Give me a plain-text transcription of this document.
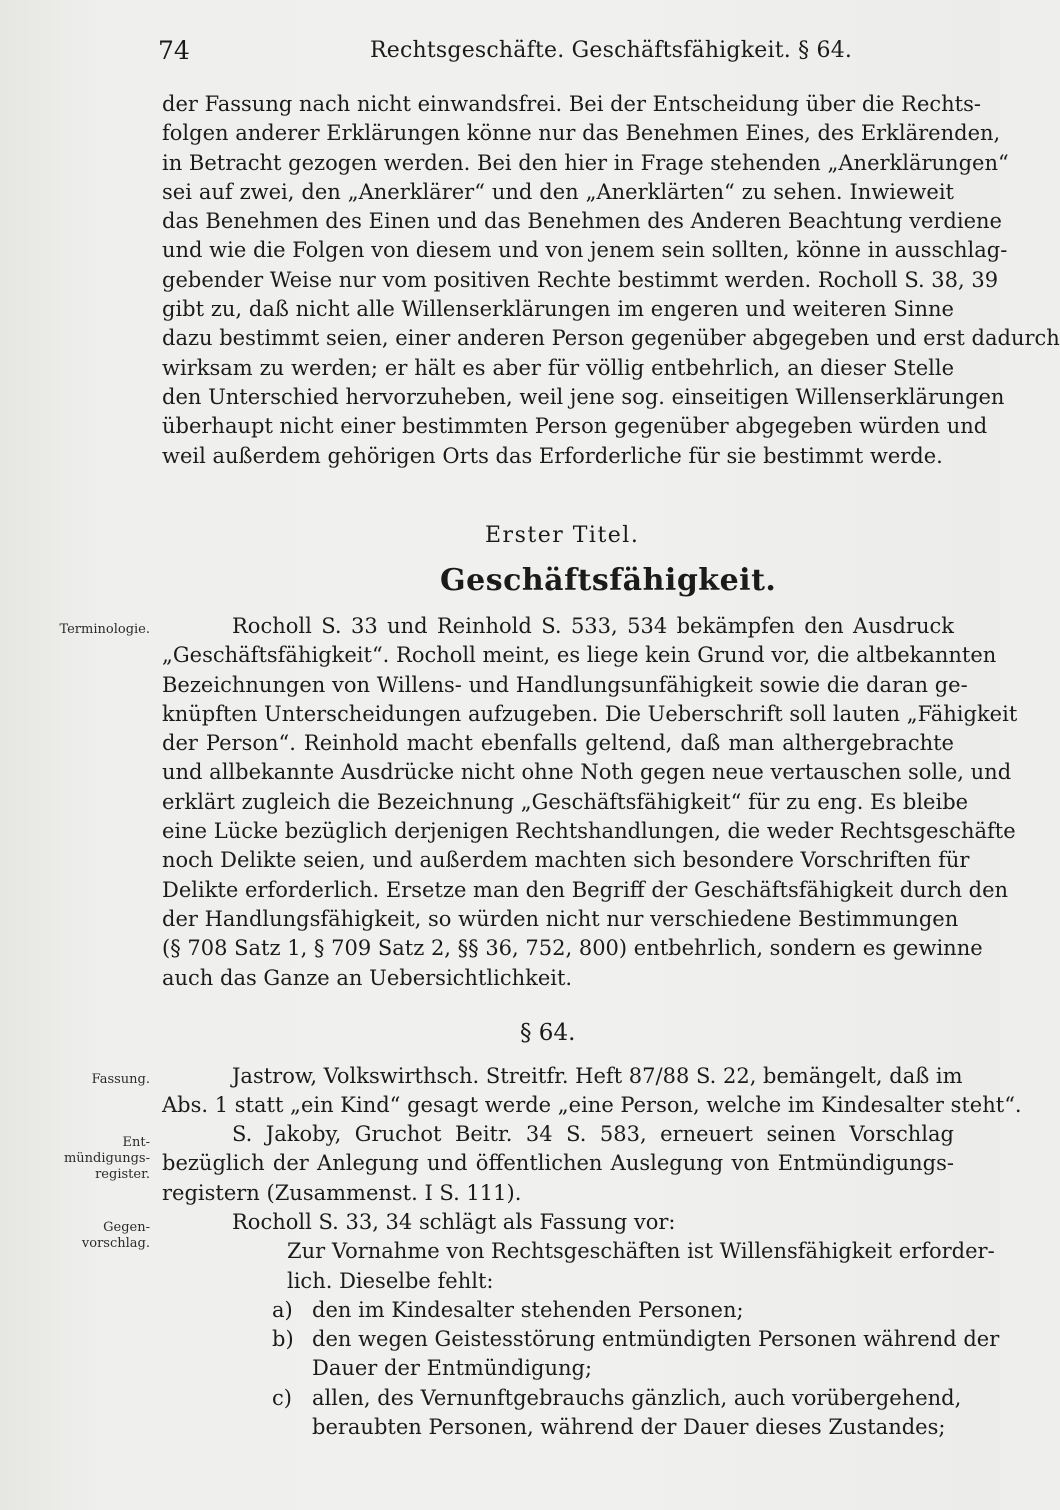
74	Rechtsgeschäfte. Geschäftsfähigkeit. § 64.
der Fassung nach nicht einwandsfrei. Bei der Entscheidung über die Rechts-
folgen anderer Erklärungen könne nur das Benehmen Eines, des Erklärenden,
in Betracht gezogen werden. Bei den hier in Frage stehenden „Anerklärungen“
sei auf zwei, den „Anerklärer“ und den „Anerklärten“ zu sehen. Inwieweit
das Benehmen des Einen und das Benehmen des Anderen Beachtung verdiene
und wie die Folgen von diesem und von jenem sein sollten, könne in ausschlag-
gebender Weise nur vom positiven Rechte bestimmt werden. Rocholl S. 38, 39
gibt zu, daß nicht alle Willenserklärungen im engeren und weiteren Sinne
dazu bestimmt seien, einer anderen Person gegenüber abgegeben und erst dadurch
wirksam zu werden; er hält es aber für völlig entbehrlich, an dieser Stelle
den Unterschied hervorzuheben, weil jene sog. einseitigen Willenserklärungen
überhaupt nicht einer bestimmten Person gegenüber abgegeben würden und
weil außerdem gehörigen Orts das Erforderliche für sie bestimmt werde.
Erster Titel.
Geschäftsfähigkeit.
Terminologie.	Rocholl S. 33 und Reinhold S. 533, 534 bekämpfen den Ausdruck
„Geschäftsfähigkeit“. Rocholl meint, es liege kein Grund vor, die altbekannten
Bezeichnungen von Willens- und Handlungsunfähigkeit sowie die daran ge-
knüpften Unterscheidungen aufzugeben. Die Ueberschrift soll lauten „Fähigkeit
der Person“. Reinhold macht ebenfalls geltend, daß man althergebrachte
und allbekannte Ausdrücke nicht ohne Noth gegen neue vertauschen solle, und
erklärt zugleich die Bezeichnung „Geschäftsfähigkeit“ für zu eng. Es bleibe
eine Lücke bezüglich derjenigen Rechtshandlungen, die weder Rechtsgeschäfte
noch Delikte seien, und außerdem machten sich besondere Vorschriften für
Delikte erforderlich. Ersetze man den Begriff der Geschäftsfähigkeit durch den
der Handlungsfähigkeit, so würden nicht nur verschiedene Bestimmungen
(§ 708 Satz 1, § 709 Satz 2, §§ 36, 752, 800) entbehrlich, sondern es gewinne
auch das Ganze an Uebersichtlichkeit.
§ 64.
Fassung.	Jastrow, Volkswirthsch. Streitfr. Heft 87/88 S. 22, bemängelt, daß im
Abs. 1 statt „ein Kind“ gesagt werde „eine Person, welche im Kindesalter steht“.
Ent-mündigungs-register.
S. Jakoby, Gruchot Beitr. 34 S. 583, erneuert seinen Vorschlag
bezüglich der Anlegung und öffentlichen Auslegung von Entmündigungs-
registern (Zusammenst. I S. 111).
Gegen-vorschlag.
Rocholl S. 33, 34 schlägt als Fassung vor:
Zur Vornahme von Rechtsgeschäften ist Willensfähigkeit erforder-
lich. Dieselbe fehlt:
a) den im Kindesalter stehenden Personen;
b) den wegen Geistesstörung entmündigten Personen während der
Dauer der Entmündigung;
c) allen, des Vernunftgebrauchs gänzlich, auch vorübergehend,
beraubten Personen, während der Dauer dieses Zustandes;
